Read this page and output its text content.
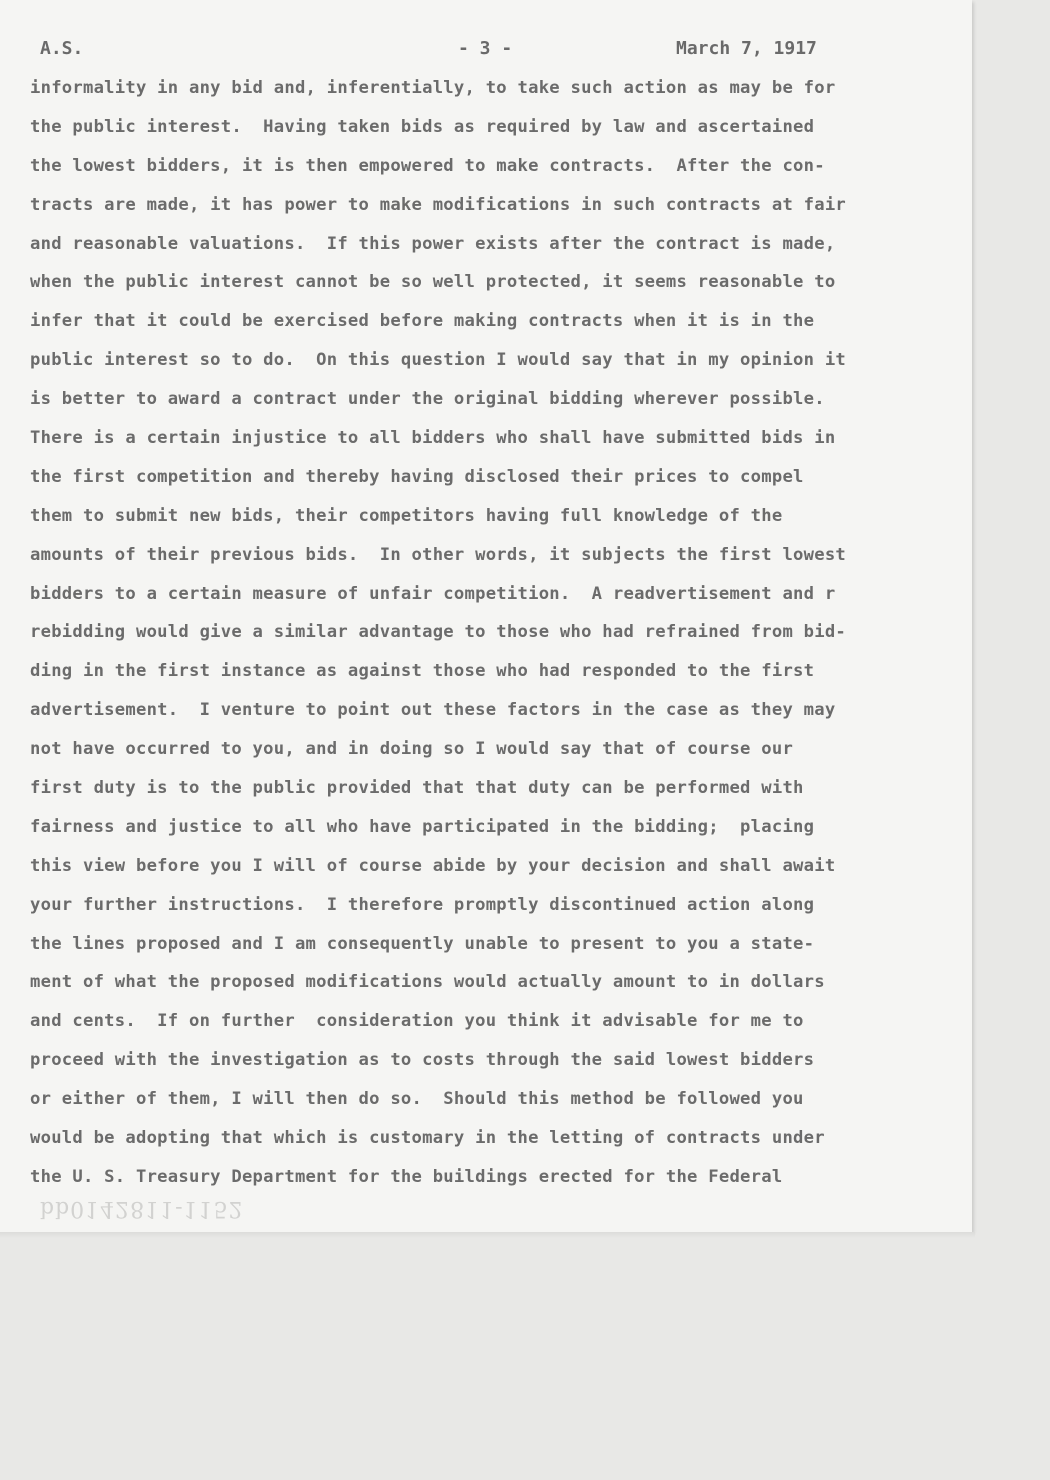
A.S.	- 3 -	March 7, 1917
informality in any bid and, inferentially, to take such action as may be for
the public interest.  Having taken bids as required by law and ascertained
the lowest bidders, it is then empowered to make contracts.  After the con-
tracts are made, it has power to make modifications in such contracts at fair
and reasonable valuations.  If this power exists after the contract is made,
when the public interest cannot be so well protected, it seems reasonable to
infer that it could be exercised before making contracts when it is in the
public interest so to do.  On this question I would say that in my opinion it
is better to award a contract under the original bidding wherever possible.
There is a certain injustice to all bidders who shall have submitted bids in
the first competition and thereby having disclosed their prices to compel
them to submit new bids, their competitors having full knowledge of the
amounts of their previous bids.  In other words, it subjects the first lowest
bidders to a certain measure of unfair competition.  A readvertisement and r
rebidding would give a similar advantage to those who had refrained from bid-
ding in the first instance as against those who had responded to the first
advertisement.  I venture to point out these factors in the case as they may
not have occurred to you, and in doing so I would say that of course our
first duty is to the public provided that that duty can be performed with
fairness and justice to all who have participated in the bidding;  placing
this view before you I will of course abide by your decision and shall await
your further instructions.  I therefore promptly discontinued action along
the lines proposed and I am consequently unable to present to you a state-
ment of what the proposed modifications would actually amount to in dollars
and cents.  If on further  consideration you think it advisable for me to
proceed with the investigation as to costs through the said lowest bidders
or either of them, I will then do so.  Should this method be followed you
would be adopting that which is customary in the letting of contracts under
the U. S. Treasury Department for the buildings erected for the Federal
bb0142811-1152
